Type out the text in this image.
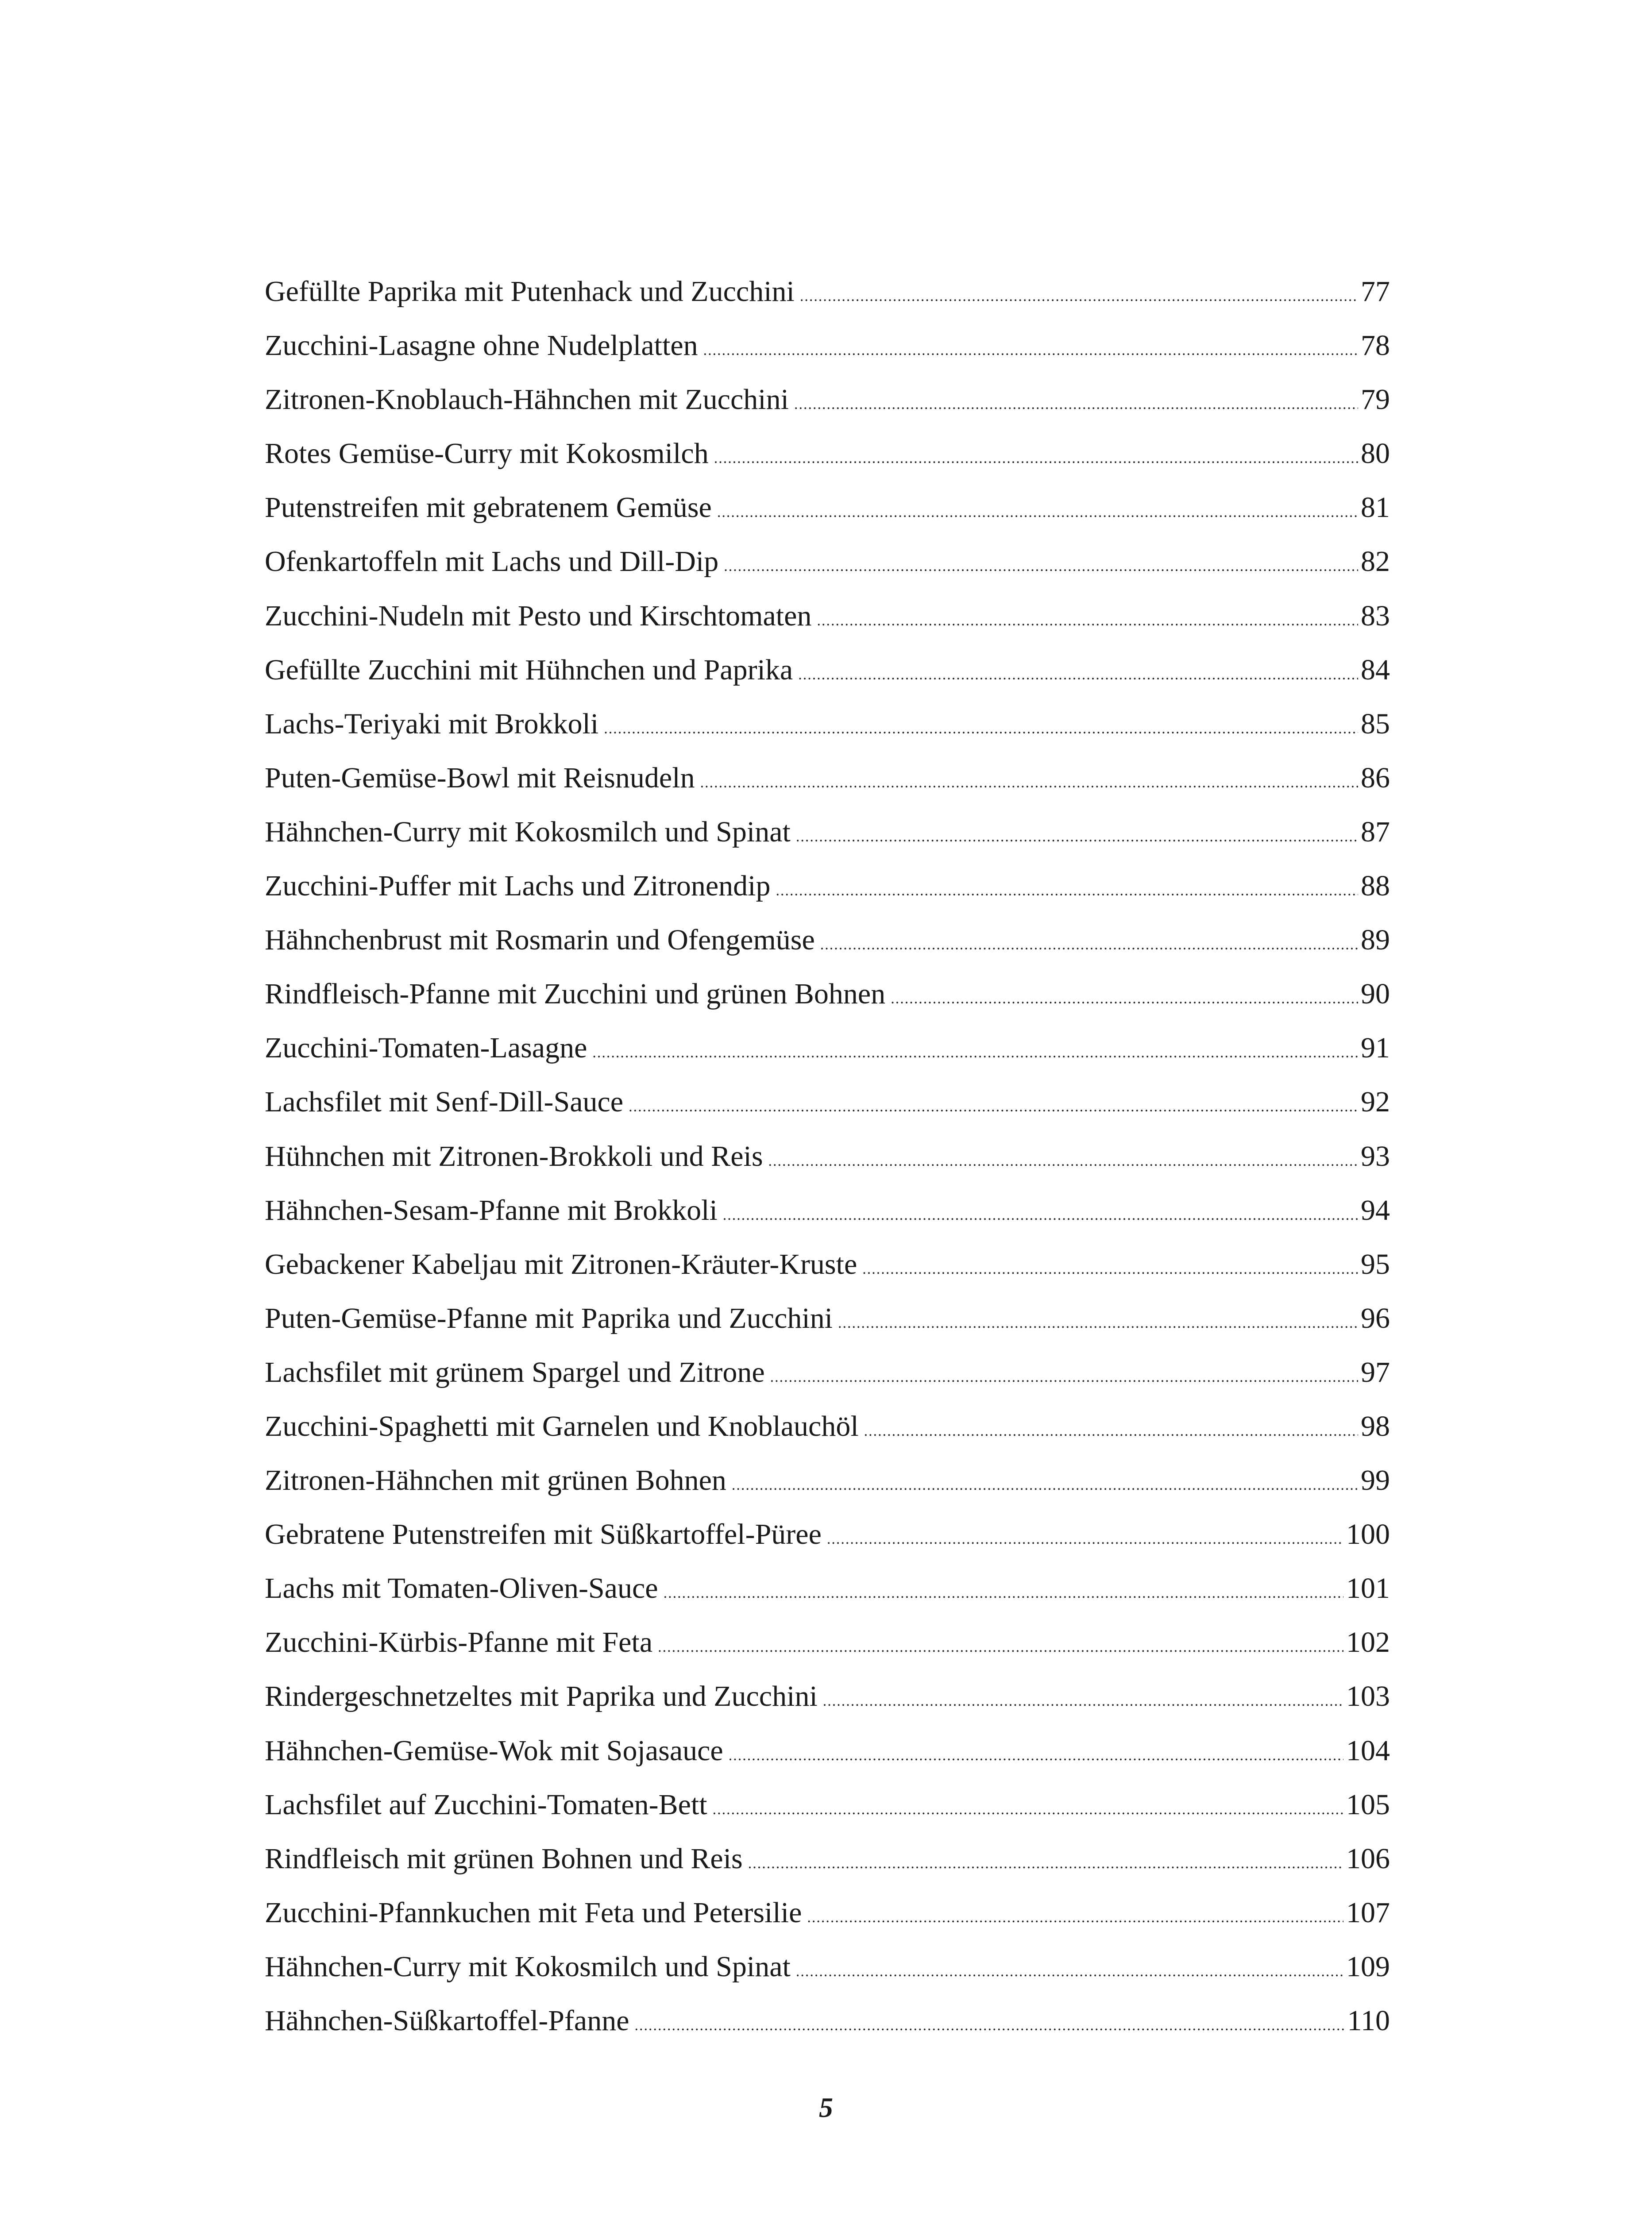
Gefüllte Paprika mit Putenhack und Zucchini .....	77
Zucchini-Lasagne ohne Nudelplatten .....	78
Zitronen-Knoblauch-Hähnchen mit Zucchini .....	79
Rotes Gemüse-Curry mit Kokosmilch .....	80
Putenstreifen mit gebratenem Gemüse .....	81
Ofenkartoffeln mit Lachs und Dill-Dip .....	82
Zucchini-Nudeln mit Pesto und Kirschtomaten .....	83
Gefüllte Zucchini mit Hühnchen und Paprika .....	84
Lachs-Teriyaki mit Brokkoli .....	85
Puten-Gemüse-Bowl mit Reisnudeln .....	86
Hähnchen-Curry mit Kokosmilch und Spinat .....	87
Zucchini-Puffer mit Lachs und Zitronendip .....	88
Hähnchenbrust mit Rosmarin und Ofengemüse .....	89
Rindfleisch-Pfanne mit Zucchini und grünen Bohnen .....	90
Zucchini-Tomaten-Lasagne .....	91
Lachsfilet mit Senf-Dill-Sauce .....	92
Hühnchen mit Zitronen-Brokkoli und Reis .....	93
Hähnchen-Sesam-Pfanne mit Brokkoli .....	94
Gebackener Kabeljau mit Zitronen-Kräuter-Kruste .....	95
Puten-Gemüse-Pfanne mit Paprika und Zucchini .....	96
Lachsfilet mit grünem Spargel und Zitrone .....	97
Zucchini-Spaghetti mit Garnelen und Knoblauchöl .....	98
Zitronen-Hähnchen mit grünen Bohnen .....	99
Gebratene Putenstreifen mit Süßkartoffel-Püree .....	100
Lachs mit Tomaten-Oliven-Sauce .....	101
Zucchini-Kürbis-Pfanne mit Feta .....	102
Rindergeschnetzeltes mit Paprika und Zucchini .....	103
Hähnchen-Gemüse-Wok mit Sojasauce .....	104
Lachsfilet auf Zucchini-Tomaten-Bett .....	105
Rindfleisch mit grünen Bohnen und Reis .....	106
Zucchini-Pfannkuchen mit Feta und Petersilie .....	107
Hähnchen-Curry mit Kokosmilch und Spinat .....	109
Hähnchen-Süßkartoffel-Pfanne .....	110
5
